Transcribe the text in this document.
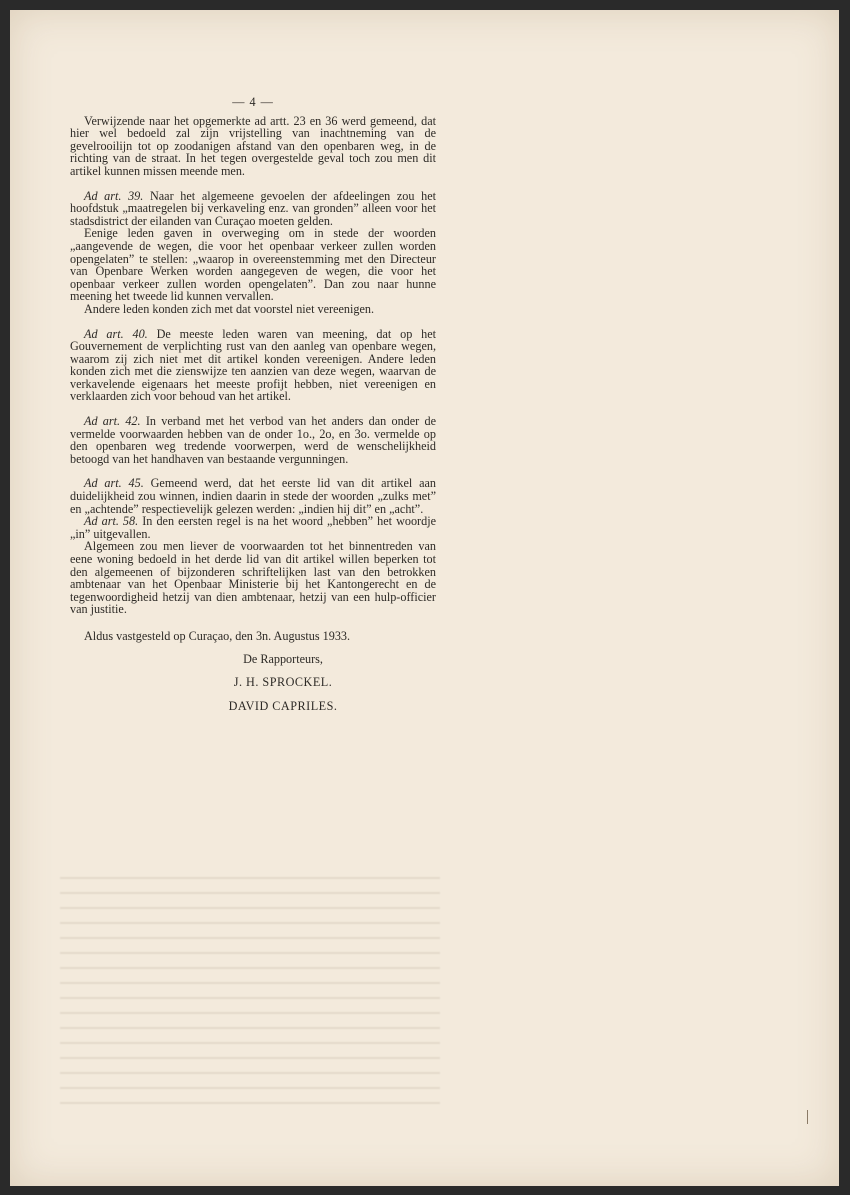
— 4 —

Verwijzende naar het opgemerkte ad artt. 23 en 36 werd gemeend, dat hier wel bedoeld zal zijn vrijstelling van inachtneming van de gevelrooilijn tot op zoodanigen afstand van den openbaren weg, in de richting van de straat. In het tegen overgestelde geval toch zou men dit artikel kunnen missen meende men.

Ad art. 39. Naar het algemeene gevoelen der afdeelingen zou het hoofdstuk „maatregelen bij verkaveling enz. van gronden” alleen voor het stadsdistrict der eilanden van Curaçao moeten gelden.

Eenige leden gaven in overweging om in stede der woorden „aangevende de wegen, die voor het openbaar verkeer zullen worden opengelaten” te stellen: „waarop in overeenstemming met den Directeur van Openbare Werken worden aangegeven de wegen, die voor het openbaar verkeer zullen worden opengelaten”. Dan zou naar hunne meening het tweede lid kunnen vervallen.

Andere leden konden zich met dat voorstel niet vereenigen.

Ad art. 40. De meeste leden waren van meening, dat op het Gouvernement de verplichting rust van den aanleg van openbare wegen, waarom zij zich niet met dit artikel konden vereenigen. Andere leden konden zich met die zienswijze ten aanzien van deze wegen, waarvan de verkavelende eigenaars het meeste profijt hebben, niet vereenigen en verklaarden zich voor behoud van het artikel.

Ad art. 42. In verband met het verbod van het anders dan onder de vermelde voorwaarden hebben van de onder 1o., 2o, en 3o. vermelde op den openbaren weg tredende voorwerpen, werd de wenschelijkheid betoogd van het handhaven van bestaande vergunningen.

Ad art. 45. Gemeend werd, dat het eerste lid van dit artikel aan duidelijkheid zou winnen, indien daarin in stede der woorden „zulks met” en „achtende” respectievelijk gelezen werden: „indien hij dit” en „acht”.

Ad art. 58. In den eersten regel is na het woord „hebben” het woordje „in” uitgevallen.

Algemeen zou men liever de voorwaarden tot het binnentreden van eene woning bedoeld in het derde lid van dit artikel willen beperken tot den algemeenen of bijzonderen schriftelijken last van den betrokken ambtenaar van het Openbaar Ministerie bij het Kantongerecht en de tegenwoordigheid hetzij van dien ambtenaar, hetzij van een hulp-officier van justitie.

Aldus vastgesteld op Curaçao, den 3n. Augustus 1933.

De Rapporteurs,
J. H. SPROCKEL.
DAVID CAPRILES.
